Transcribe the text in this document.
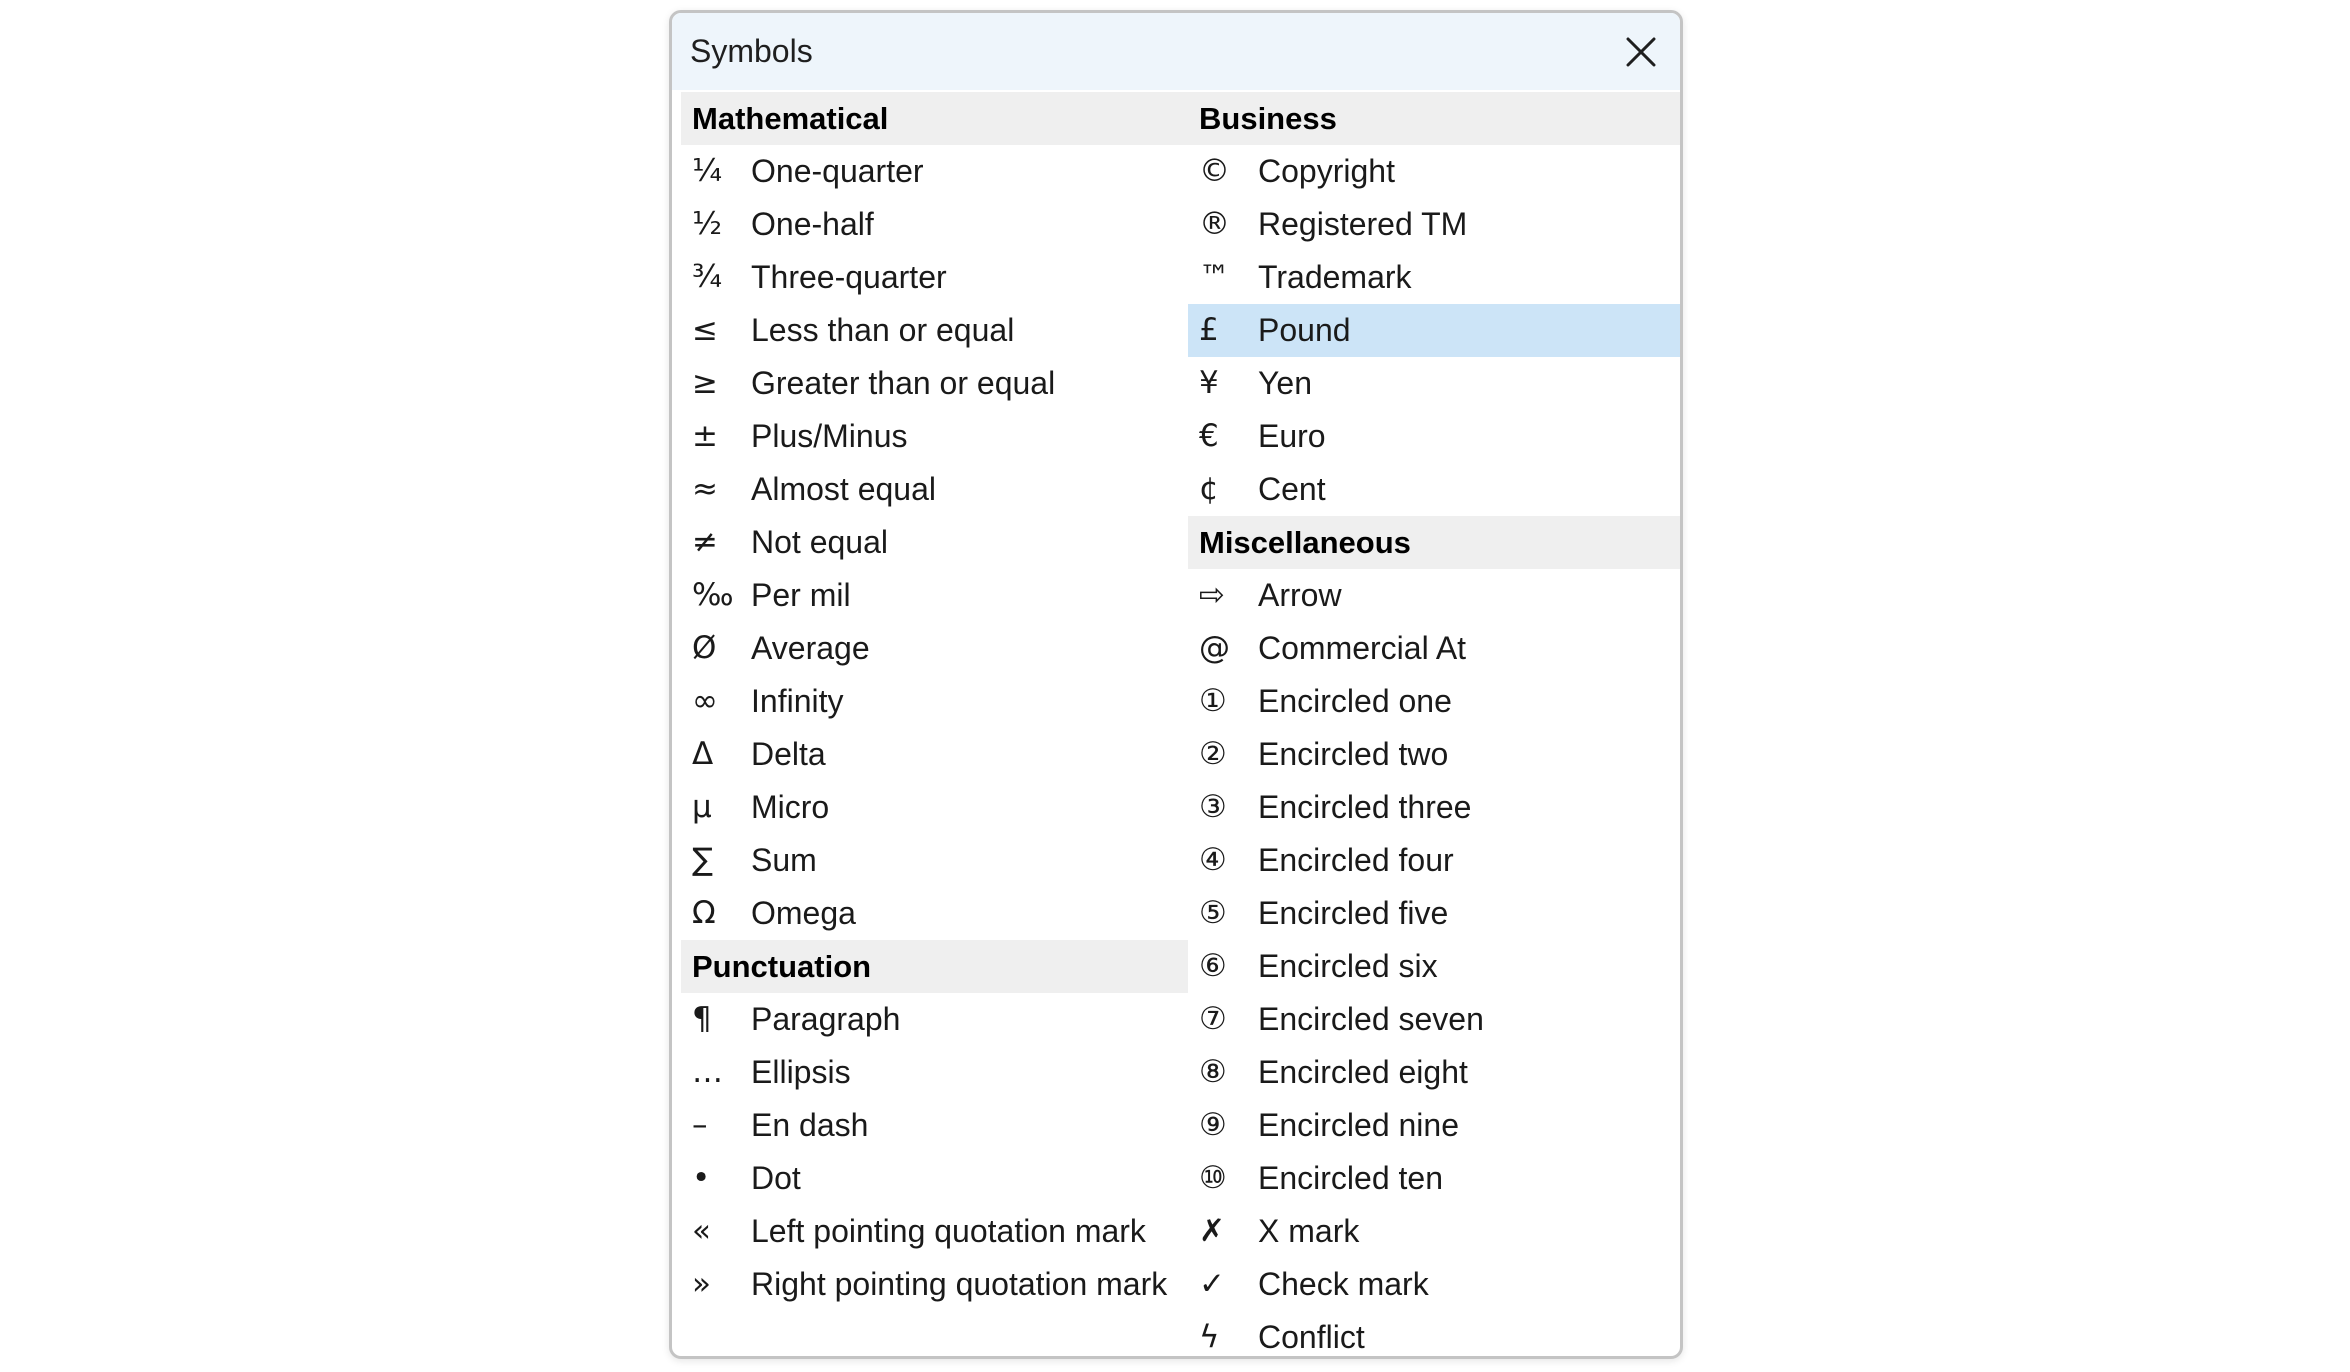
Symbols
Mathematical
¼ One-quarter
½ One-half
¾ Three-quarter
≤	Less than or equal
≥	Greater than or equal
±	Plus/Minus
≈	Almost equal
≠	Not equal
‰ Per mil
Ø	Average
∞	Infinity
Δ	Delta
µ	Micro
∑	Sum
Ω	Omega
Punctuation
¶	Paragraph
… Ellipsis
–	En dash
•	Dot
«	Left pointing quotation mark
»	Right pointing quotation mark
Business
© Copyright
® Registered TM
™ Trademark
£	Pound
¥	Yen
€	Euro
¢	Cent
Miscellaneous
⇨	Arrow
@ Commercial At
① Encircled one
② Encircled two
③ Encircled three
④ Encircled four
⑤ Encircled five
⑥ Encircled six
⑦ Encircled seven
⑧ Encircled eight
⑨ Encircled nine
⑩ Encircled ten
✗	X mark
✓	Check mark
ϟ	Conflict
